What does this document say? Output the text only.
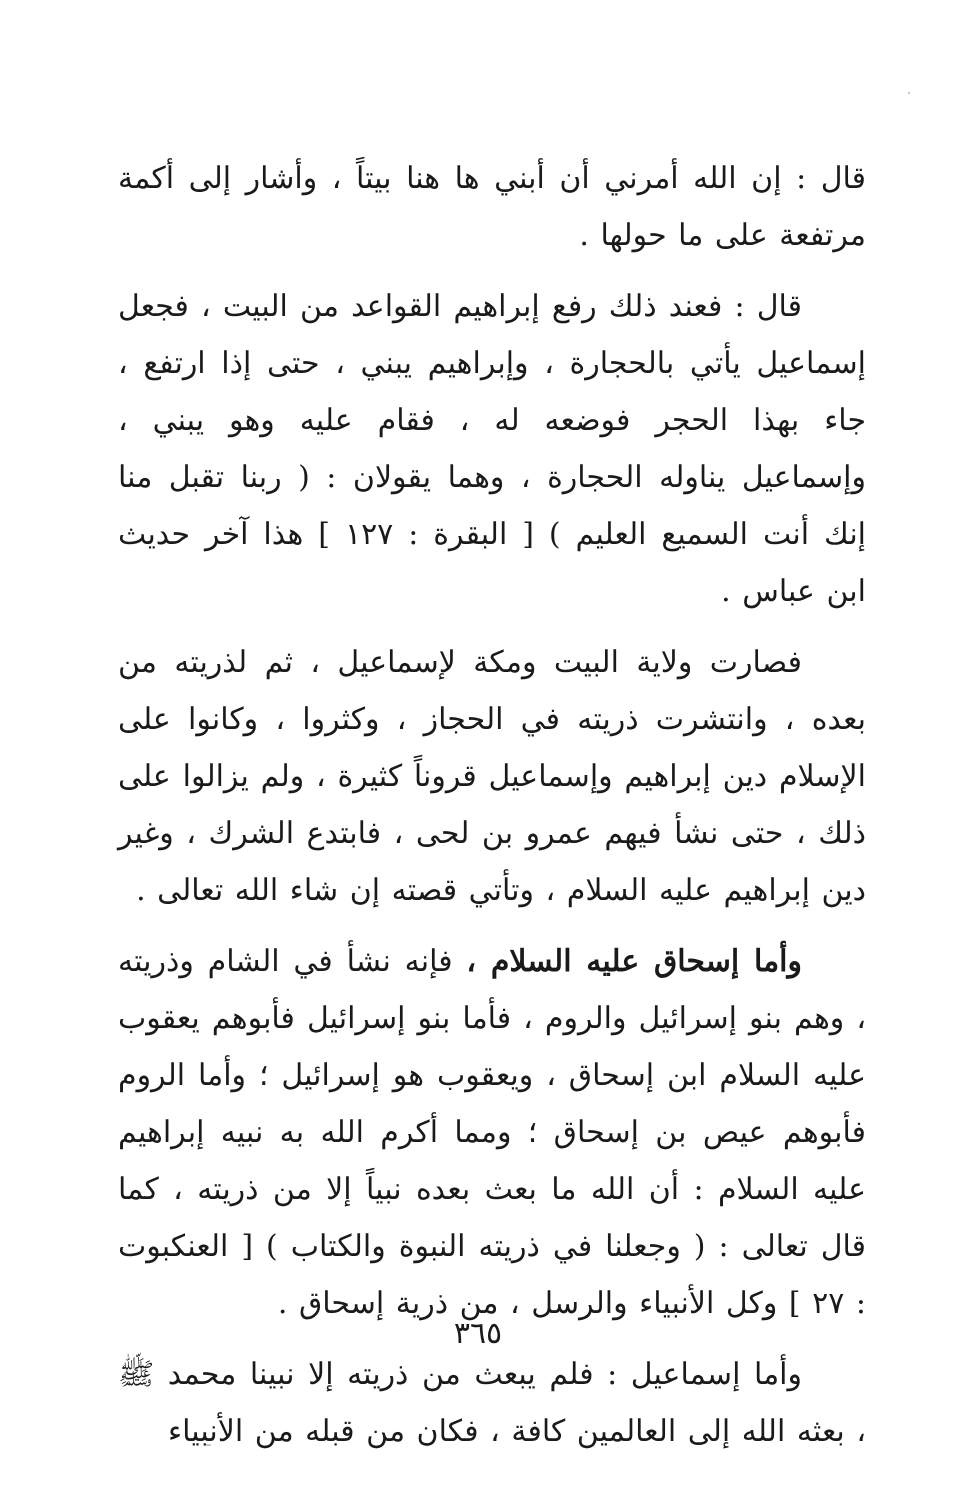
قال : إن الله أمرني أن أبني ها هنا بيتاً ، وأشار إلى أكمة مرتفعة على ما حولها .

قال : فعند ذلك رفع إبراهيم القواعد من البيت ، فجعل إسماعيل يأتي بالحجارة ، وإبراهيم يبني ، حتى إذا ارتفع ، جاء بهذا الحجر فوضعه له ، فقام عليه وهو يبني ، وإسماعيل يناوله الحجارة ، وهما يقولان : ( ربنا تقبل منا إنك أنت السميع العليم ) [ البقرة : ١٢٧ ] هذا آخر حديث ابن عباس .

فصارت ولاية البيت ومكة لإسماعيل ، ثم لذريته من بعده ، وانتشرت ذريته في الحجاز ، وكثروا ، وكانوا على الإسلام دين إبراهيم وإسماعيل قروناً كثيرة ، ولم يزالوا على ذلك ، حتى نشأ فيهم عمرو بن لحى ، فابتدع الشرك ، وغير دين إبراهيم عليه السلام ، وتأتي قصته إن شاء الله تعالى .

وأما إسحاق عليه السلام ، فإنه نشأ في الشام وذريته ، وهم بنو إسرائيل والروم ، فأما بنو إسرائيل فأبوهم يعقوب عليه السلام ابن إسحاق ، ويعقوب هو إسرائيل ؛ وأما الروم فأبوهم عيص بن إسحاق ؛ ومما أكرم الله به نبيه إبراهيم عليه السلام : أن الله ما بعث بعده نبياً إلا من ذريته ، كما قال تعالى : ( وجعلنا في ذريته النبوة والكتاب ) [ العنكبوت : ٢٧ ] وكل الأنبياء والرسل ، من ذرية إسحاق .

وأما إسماعيل : فلم يبعث من ذريته إلا نبينا محمد ﷺ ، بعثه الله إلى العالمين كافة ، فكان من قبله من الأنبياء

٣٦٥
